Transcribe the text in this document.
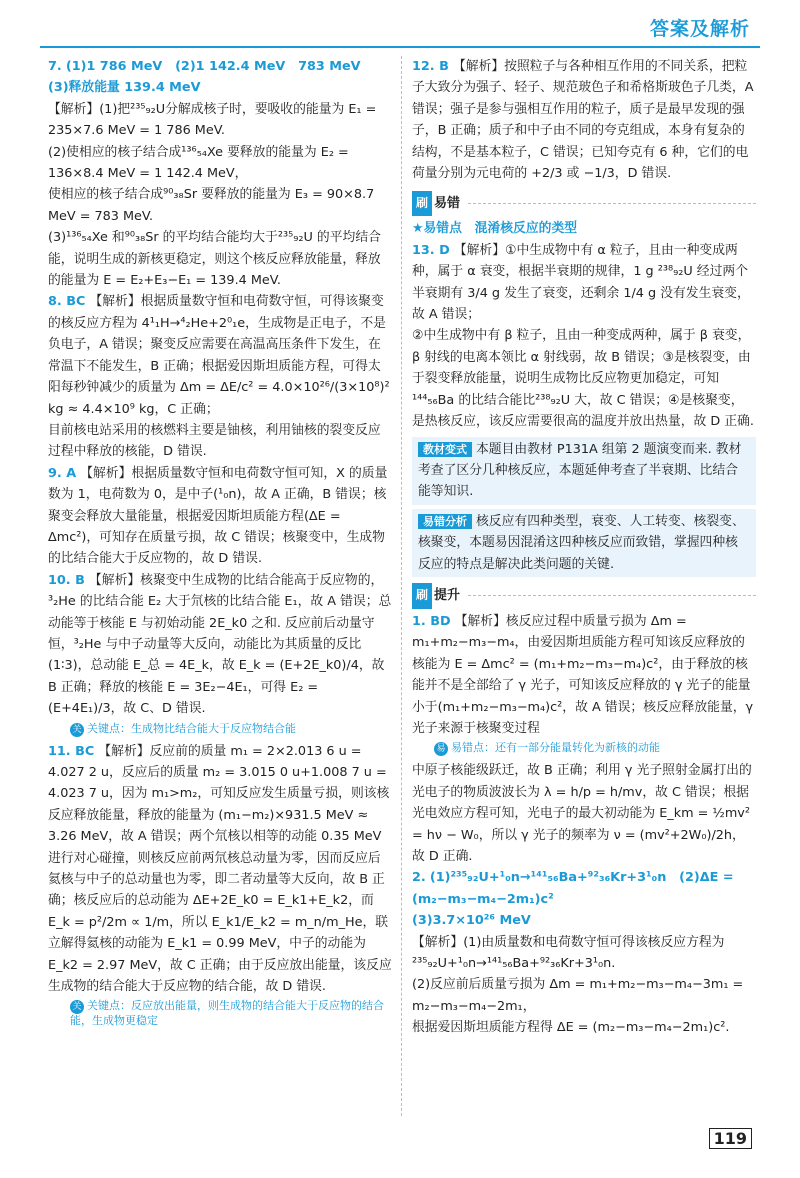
答案及解析

7. (1)1 786 MeV　(2)1 142.4 MeV　783 MeV　(3)释放能量 139.4 MeV

【解析】(1)把²³⁵₉₂U分解成核子时，要吸收的能量为 E₁ = 235×7.6 MeV = 1 786 MeV.

(2)使相应的核子结合成¹³⁶₅₄Xe 要释放的能量为 E₂ = 136×8.4 MeV = 1 142.4 MeV，

使相应的核子结合成⁹⁰₃₈Sr 要释放的能量为 E₃ = 90×8.7 MeV = 783 MeV.

(3)¹³⁶₅₄Xe 和⁹⁰₃₈Sr 的平均结合能均大于²³⁵₉₂U 的平均结合能，说明生成的新核更稳定，则这个核反应释放能量，释放的能量为 E = E₂+E₃−E₁ = 139.4 MeV.

8. BC 【解析】根据质量数守恒和电荷数守恒，可得该聚变的核反应方程为 4¹₁H→⁴₂He+2⁰₁e，生成物是正电子，不是负电子，A 错误；聚变反应需要在高温高压条件下发生，在常温下不能发生，B 正确；根据爱因斯坦质能方程，可得太阳每秒钟减少的质量为 Δm = ΔE/c² = 4.0×10²⁶/(3×10⁸)² kg ≈ 4.4×10⁹ kg，C 正确；

目前核电站采用的核燃料主要是铀核，利用铀核的裂变反应过程中释放的核能，D 错误.

9. A 【解析】根据质量数守恒和电荷数守恒可知，X 的质量数为 1，电荷数为 0，是中子(¹₀n)，故 A 正确，B 错误；核聚变会释放大量能量，根据爱因斯坦质能方程(ΔE = Δmc²)，可知存在质量亏损，故 C 错误；核聚变中，生成物的比结合能大于反应物的，故 D 错误.

10. B 【解析】核聚变中生成物的比结合能高于反应物的，³₂He 的比结合能 E₂ 大于氘核的比结合能 E₁，故 A 错误；总动能等于核能 E 与初始动能 2E_k0 之和. 反应前后动量守恒，³₂He 与中子动量等大反向，动能比为其质量的反比(1∶3)，总动能 E_总 = 4E_k，故 E_k = (E+2E_k0)/4，故 B 正确；释放的核能 E = 3E₂−4E₁，可得 E₂ = (E+4E₁)/3，故 C、D 错误.

关 关键点：生成物比结合能大于反应物结合能

11. BC 【解析】反应前的质量 m₁ = 2×2.013 6 u = 4.027 2 u，反应后的质量 m₂ = 3.015 0 u+1.008 7 u = 4.023 7 u，因为 m₁>m₂，可知反应发生质量亏损，则该核反应释放能量，释放的能量为 (m₁−m₂)×931.5 MeV ≈ 3.26 MeV，故 A 错误；两个氘核以相等的动能 0.35 MeV 进行对心碰撞，则核反应前两氘核总动量为零，因而反应后氦核与中子的总动量也为零，即二者动量等大反向，故 B 正确；核反应后的总动能为 ΔE+2E_k0 = E_k1+E_k2，而 E_k = p²/2m ∝ 1/m，所以 E_k1/E_k2 = m_n/m_He，联立解得氦核的动能为 E_k1 = 0.99 MeV，中子的动能为 E_k2 = 2.97 MeV，故 C 正确；由于反应放出能量，该反应生成物的结合能大于反应物的结合能，故 D 错误.

关 关键点：反应放出能量，则生成物的结合能大于反应物的结合能，生成物更稳定

12. B 【解析】按照粒子与各种相互作用的不同关系，把粒子大致分为强子、轻子、规范玻色子和希格斯玻色子几类，A 错误；强子是参与强相互作用的粒子，质子是最早发现的强子，B 正确；质子和中子由不同的夸克组成，本身有复杂的结构，不是基本粒子，C 错误；已知夸克有 6 种，它们的电荷量分别为元电荷的 +2/3 或 −1/3，D 错误.

刷 易错

★易错点　混淆核反应的类型

13. D 【解析】①中生成物中有 α 粒子，且由一种变成两种，属于 α 衰变，根据半衰期的规律，1 g ²³⁸₉₂U 经过两个半衰期有 3/4 g 发生了衰变，还剩余 1/4 g 没有发生衰变，故 A 错误；

②中生成物中有 β 粒子，且由一种变成两种，属于 β 衰变，β 射线的电离本领比 α 射线弱，故 B 错误；③是核裂变，由于裂变释放能量，说明生成物比反应物更加稳定，可知¹⁴⁴₅₆Ba 的比结合能比²³⁸₉₂U 大，故 C 错误；④是核聚变，是热核反应，该反应需要很高的温度并放出热量，故 D 正确.

教材变式 本题目由教材 P131A 组第 2 题演变而来. 教材考查了区分几种核反应，本题延伸考查了半衰期、比结合能等知识.

易错分析 核反应有四种类型，衰变、人工转变、核裂变、核聚变，本题易因混淆这四种核反应而致错，掌握四种核反应的特点是解决此类问题的关键.

刷 提升

1. BD 【解析】核反应过程中质量亏损为 Δm = m₁+m₂−m₃−m₄，由爱因斯坦质能方程可知该反应释放的核能为 E = Δmc² = (m₁+m₂−m₃−m₄)c²，由于释放的核能并不是全部给了 γ 光子，可知该反应释放的 γ 光子的能量小于(m₁+m₂−m₃−m₄)c²，故 A 错误；核反应释放能量，γ 光子来源于核聚变过程

易 易错点：还有一部分能量转化为新核的动能

中原子核能级跃迁，故 B 正确；利用 γ 光子照射金属打出的光电子的物质波波长为 λ = h/p = h/mv，故 C 错误；根据光电效应方程可知，光电子的最大初动能为 E_km = ½mv² = hν − W₀，所以 γ 光子的频率为 ν = (mv²+2W₀)/2h，故 D 正确.

2. (1)²³⁵₉₂U+¹₀n→¹⁴¹₅₆Ba+⁹²₃₆Kr+3¹₀n　(2)ΔE = (m₂−m₃−m₄−2m₁)c²

(3)3.7×10²⁶ MeV

【解析】(1)由质量数和电荷数守恒可得该核反应方程为 ²³⁵₉₂U+¹₀n→¹⁴¹₅₆Ba+⁹²₃₆Kr+3¹₀n.

(2)反应前后质量亏损为 Δm = m₁+m₂−m₃−m₄−3m₁ = m₂−m₃−m₄−2m₁，

根据爱因斯坦质能方程得 ΔE = (m₂−m₃−m₄−2m₁)c².

119
